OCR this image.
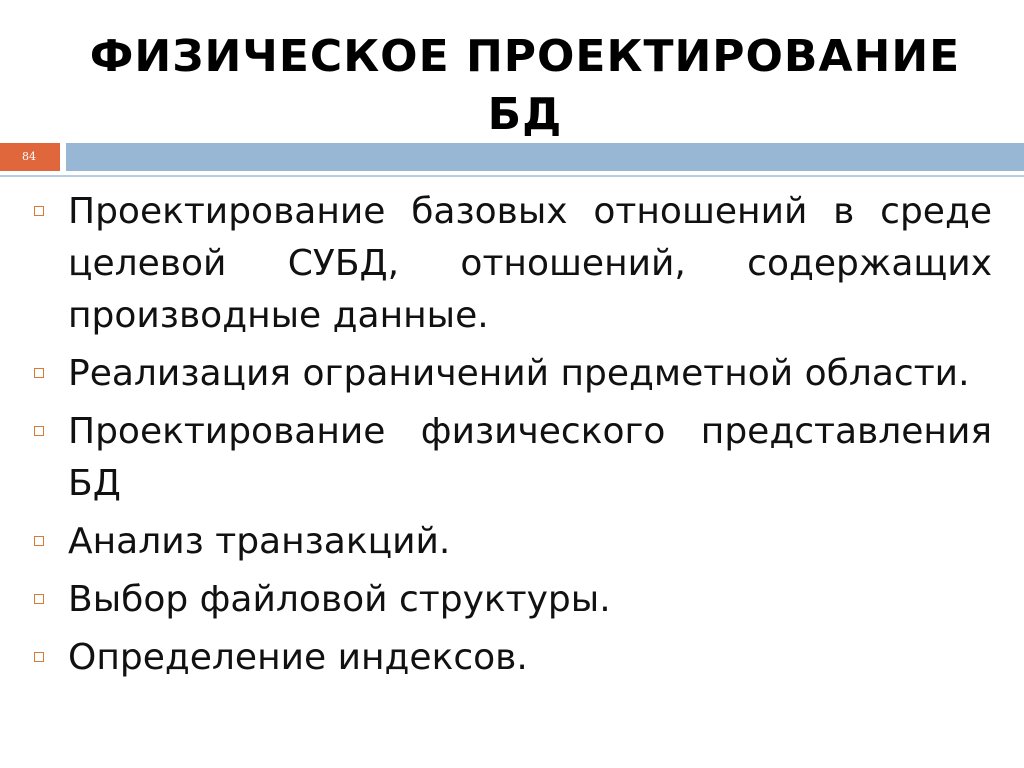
ФИЗИЧЕСКОЕ ПРОЕКТИРОВАНИЕ БД
84
Проектирование базовых отношений в среде целевой СУБД, отношений, содержащих производные данные.
Реализация ограничений предметной области.
Проектирование физического представления БД
Анализ транзакций.
Выбор файловой структуры.
Определение индексов.
